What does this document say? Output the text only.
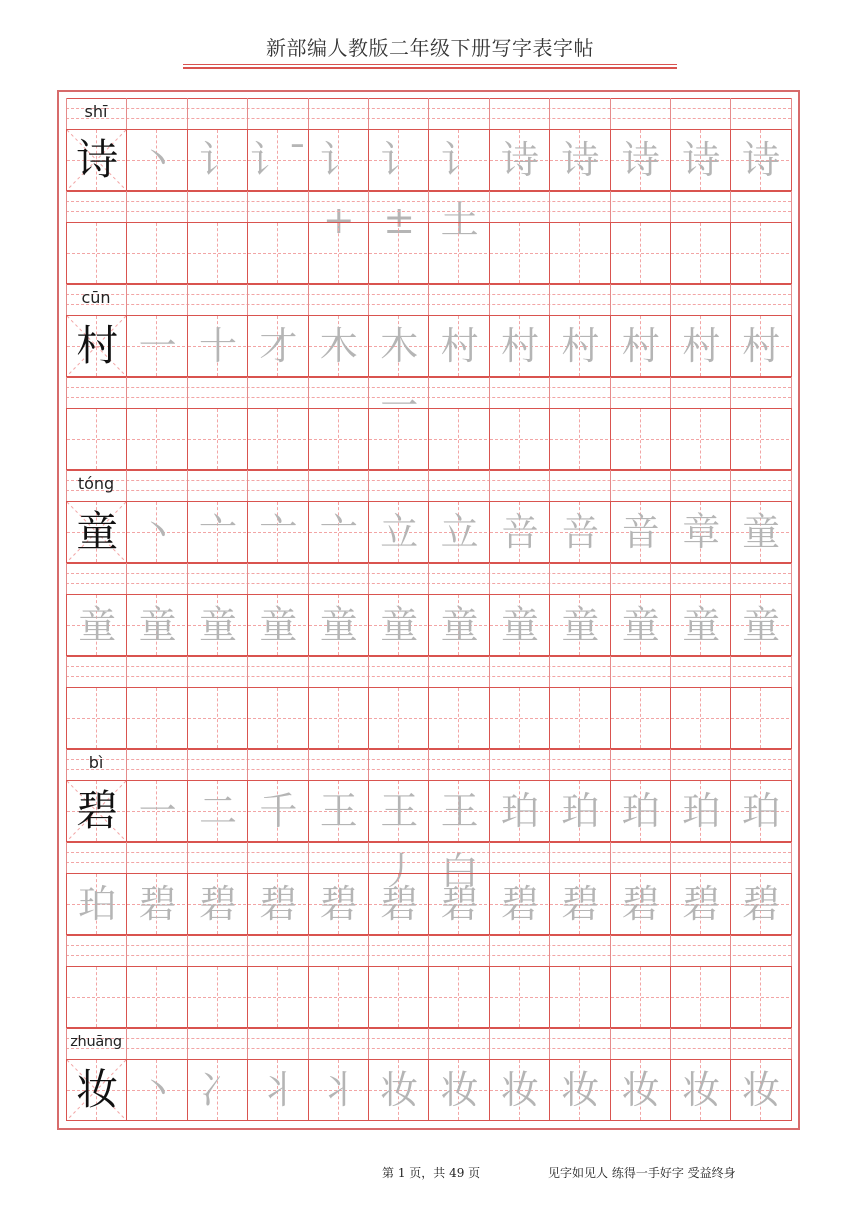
新部编人教版二年级下册写字表字帖
shī
诗 丶 讠 讠ˉ 讠+
讠±
讠土
诗 诗 诗 诗 诗
cūn
村 一 十 才 木 木一
村 村 村 村 村 村
tóng
童 丶 亠 亠 亠 立 立 咅 咅 音 章 童
童 童 童 童 童 童 童 童 童 童 童 童
bì
碧 一 二 千 王 王丿
王白
珀 珀 珀 珀 珀
珀 碧 碧 碧 碧 碧 碧 碧 碧 碧 碧 碧
zhuāng
妆 丶 冫 丬 丬 妆 妆 妆 妆 妆 妆 妆
第 1 页，共 49 页	见字如见人 练得一手好字 受益终身
